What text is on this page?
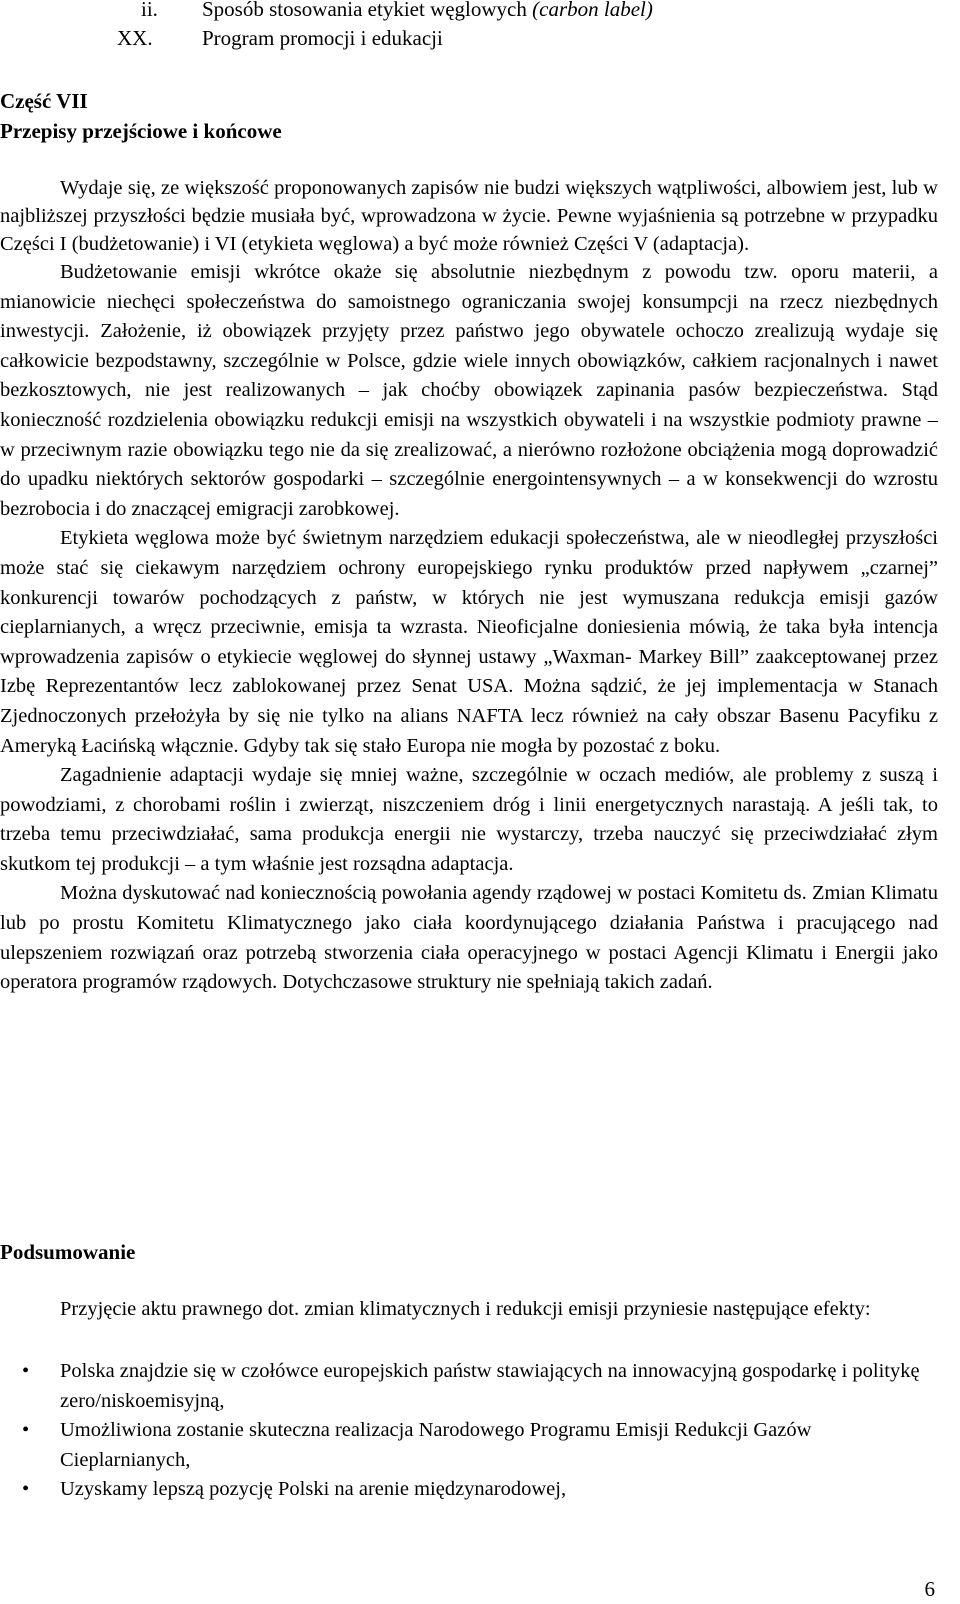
ii. Sposób stosowania etykiet węglowych (carbon label)
XX. Program promocji i edukacji
Część VII
Przepisy przejściowe i końcowe

Wydaje się, ze większość proponowanych zapisów nie budzi większych wątpliwości, albowiem jest, lub w najbliższej przyszłości będzie musiała być, wprowadzona w życie. Pewne wyjaśnienia są potrzebne w przypadku Części I (budżetowanie) i VI (etykieta węglowa) a być może również Części V (adaptacja).

Budżetowanie emisji wkrótce okaże się absolutnie niezbędnym z powodu tzw. oporu materii, a mianowicie niechęci społeczeństwa do samoistnego ograniczania swojej konsumpcji na rzecz niezbędnych inwestycji. Założenie, iż obowiązek przyjęty przez państwo jego obywatele ochoczo zrealizują wydaje się całkowicie bezpodstawny, szczególnie w Polsce, gdzie wiele innych obowiązków, całkiem racjonalnych i nawet bezkosztowych, nie jest realizowanych – jak choćby obowiązek zapinania pasów bezpieczeństwa. Stąd konieczność rozdzielenia obowiązku redukcji emisji na wszystkich obywateli i na wszystkie podmioty prawne – w przeciwnym razie obowiązku tego nie da się zrealizować, a nierówno rozłożone obciążenia mogą doprowadzić do upadku niektórych sektorów gospodarki – szczególnie energointensywnych – a w konsekwencji do wzrostu bezrobocia i do znaczącej emigracji zarobkowej.

Etykieta węglowa może być świetnym narzędziem edukacji społeczeństwa, ale w nieodległej przyszłości może stać się ciekawym narzędziem ochrony europejskiego rynku produktów przed napływem „czarnej” konkurencji towarów pochodzących z państw, w których nie jest wymuszana redukcja emisji gazów cieplarnianych, a wręcz przeciwnie, emisja ta wzrasta. Nieoficjalne doniesienia mówią, że taka była intencja wprowadzenia zapisów o etykiecie węglowej do słynnej ustawy „Waxman- Markey Bill” zaakceptowanej przez Izbę Reprezentantów lecz zablokowanej przez Senat USA. Można sądzić, że jej implementacja w Stanach Zjednoczonych przełożyła by się nie tylko na alians NAFTA lecz również na cały obszar Basenu Pacyfiku z Ameryką Łacińską włącznie. Gdyby tak się stało Europa nie mogła by pozostać z boku.

Zagadnienie adaptacji wydaje się mniej ważne, szczególnie w oczach mediów, ale problemy z suszą i powodziami, z chorobami roślin i zwierząt, niszczeniem dróg i linii energetycznych narastają. A jeśli tak, to trzeba temu przeciwdziałać, sama produkcja energii nie wystarczy, trzeba nauczyć się przeciwdziałać złym skutkom tej produkcji – a tym właśnie jest rozsądna adaptacja.

Można dyskutować nad koniecznością powołania agendy rządowej w postaci Komitetu ds. Zmian Klimatu lub po prostu Komitetu Klimatycznego jako ciała koordynującego działania Państwa i pracującego nad ulepszeniem rozwiązań oraz potrzebą stworzenia ciała operacyjnego w postaci Agencji Klimatu i Energii jako operatora programów rządowych. Dotychczasowe struktury nie spełniają takich zadań.

Podsumowanie

Przyjęcie aktu prawnego dot. zmian klimatycznych i redukcji emisji przyniesie następujące efekty:

• Polska znajdzie się w czołówce europejskich państw stawiających na innowacyjną gospodarkę i politykę zero/niskoemisyjną,
• Umożliwiona zostanie skuteczna realizacja Narodowego Programu Emisji Redukcji Gazów Cieplarnianych,
• Uzyskamy lepszą pozycję Polski na arenie międzynarodowej,
6
